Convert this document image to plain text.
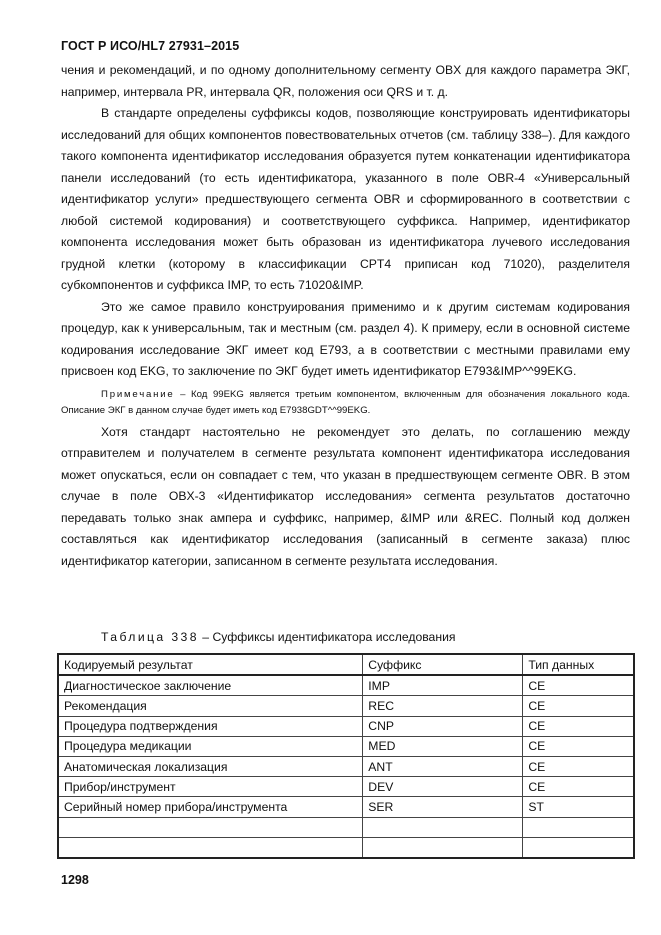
ГОСТ Р ИСО/HL7 27931–2015

чения и рекомендаций, и по одному дополнительному сегменту OBX для каждого параметра ЭКГ, например, интервала PR, интервала QR, положения оси QRS и т. д.

В стандарте определены суффиксы кодов, позволяющие конструировать идентификаторы исследований для общих компонентов повествовательных отчетов (см. таблицу 338–). Для каждого такого компонента идентификатор исследования образуется путем конкатенации идентификатора панели исследований (то есть идентификатора, указанного в поле OBR-4 «Универсальный идентификатор услуги» предшествующего сегмента OBR и сформированного в соответствии с любой системой кодирования) и соответствующего суффикса. Например, идентификатор компонента исследования может быть образован из идентификатора лучевого исследования грудной клетки (которому в классификации CPT4 приписан код 71020), разделителя субкомпонентов и суффикса IMP, то есть 71020&IMP.

Это же самое правило конструирования применимо и к другим системам кодирования процедур, как к универсальным, так и местным (см. раздел 4). К примеру, если в основной системе кодирования исследование ЭКГ имеет код E793, а в соответствии с местными правилами ему присвоен код EKG, то заключение по ЭКГ будет иметь идентификатор E793&IMP^^99EKG.

Примечание – Код 99EKG является третьим компонентом, включенным для обозначения локального кода. Описание ЭКГ в данном случае будет иметь код E7938GDT^^99EKG.

Хотя стандарт настоятельно не рекомендует это делать, по соглашению между отправителем и получателем в сегменте результата компонент идентификатора исследования может опускаться, если он совпадает с тем, что указан в предшествующем сегменте OBR. В этом случае в поле OBX-3 «Идентификатор исследования» сегмента результатов достаточно передавать только знак ампера и суффикс, например, &IMP или &REC. Полный код должен составляться как идентификатор исследования (записанный в сегменте заказа) плюс идентификатор категории, записанном в сегменте результата исследования.

Таблица 338 – Суффиксы идентификатора исследования
Кодируемый результат	Суффикс	Тип данных
Диагностическое заключение	IMP	CE
Рекомендация	REC	CE
Процедура подтверждения	CNP	CE
Процедура медикации	MED	CE
Анатомическая локализация	ANT	CE
Прибор/инструмент	DEV	CE
Серийный номер прибора/инструмента	SER	ST

1298
